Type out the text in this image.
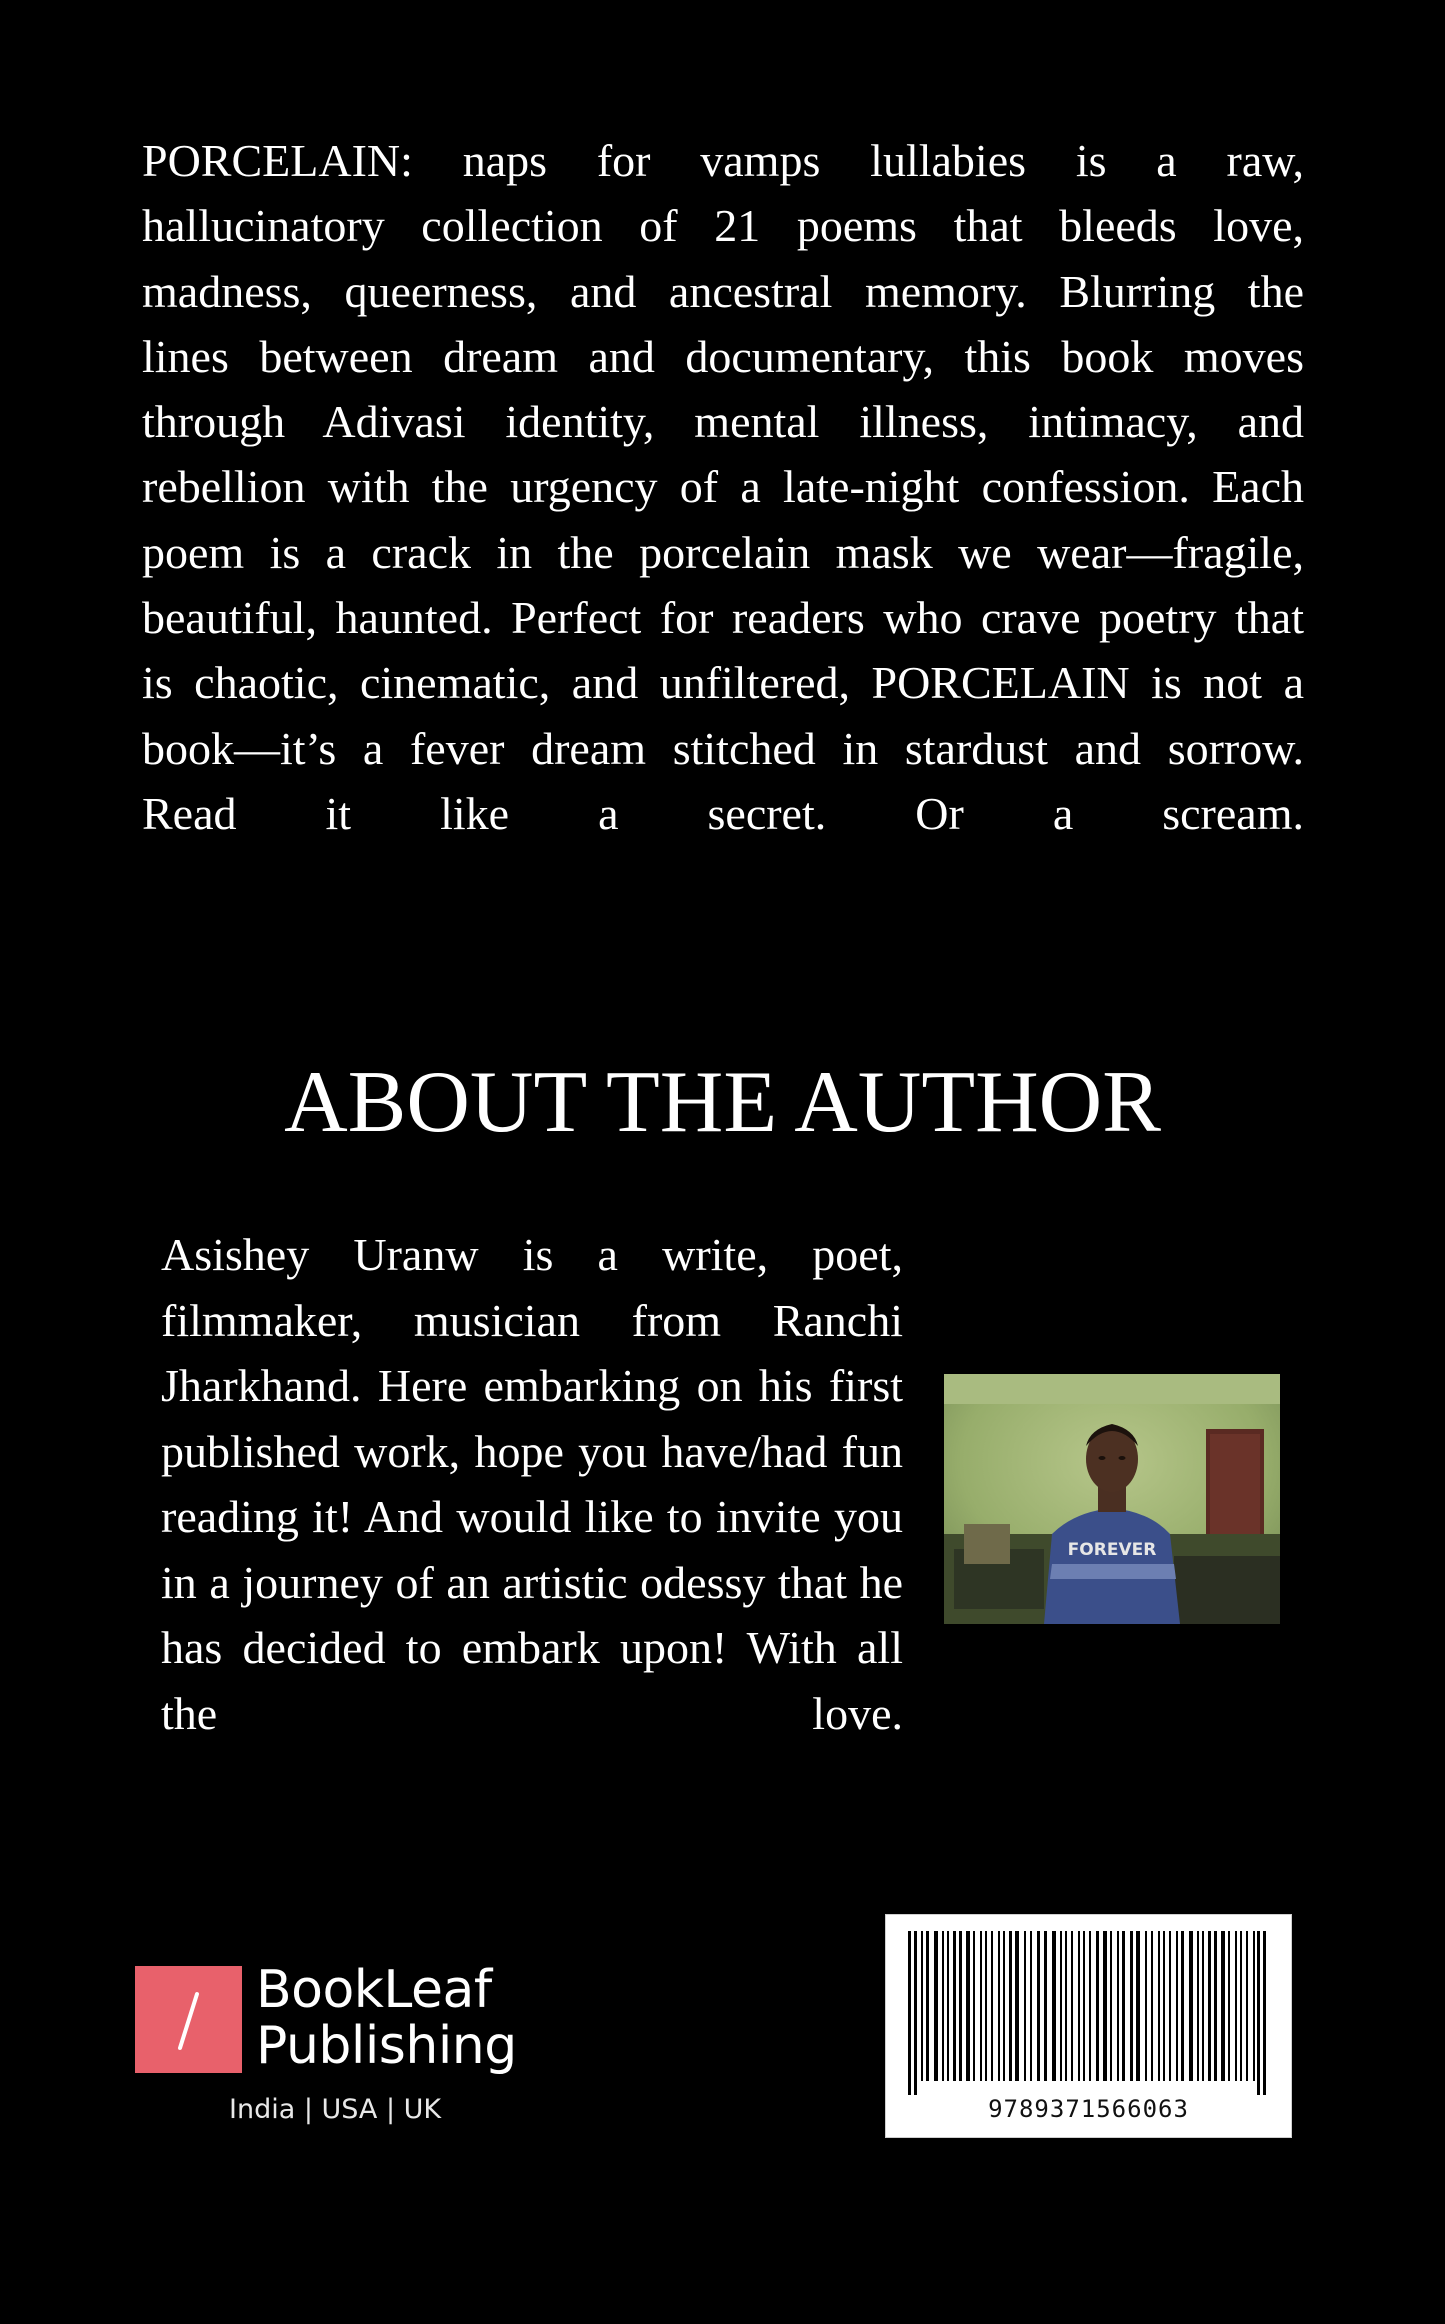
PORCELAIN: naps for vamps lullabies is a raw, hallucinatory collection of 21 poems that bleeds love, madness, queerness, and ancestral memory. Blurring the lines between dream and documentary, this book moves through Adivasi identity, mental illness, intimacy, and rebellion with the urgency of a late-night confession. Each poem is a crack in the porcelain mask we wear—fragile, beautiful, haunted. Perfect for readers who crave poetry that is chaotic, cinematic, and unfiltered, PORCELAIN is not a book—it’s a fever dream stitched in stardust and sorrow. Read it like a secret. Or a scream.

ABOUT THE AUTHOR

Asishey Uranw is a write, poet, filmmaker, musician from Ranchi Jharkhand. Here embarking on his first published work, hope you have/had fun reading it! And would like to invite you in a journey of an artistic odessy that he has decided to embark upon! With all the love.

FOREVER
BookLeaf
Publishing
India | USA | UK	9789371566063
